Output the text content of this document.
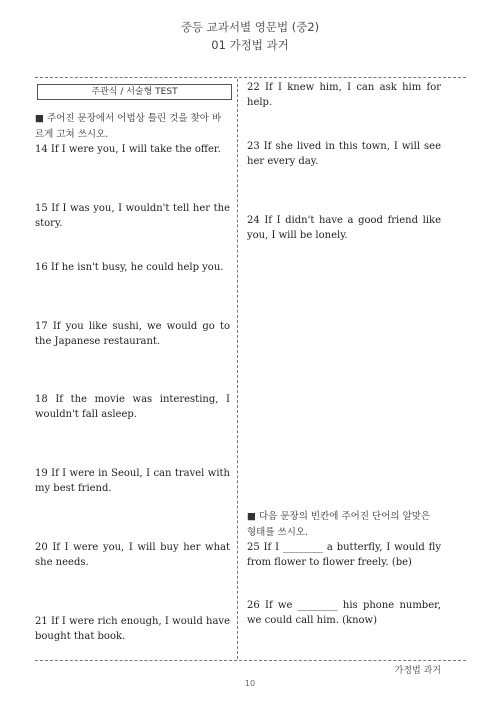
중등 교과서별 영문법 (중2)
01 가정법 과거
주관식 / 서술형 TEST
■ 주어진 문장에서 어법상 틀린 것을 찾아 바르게 고쳐 쓰시오.
14 If I were you, I will take the offer.
15 If I was you, I wouldn't tell her the story.
16 If he isn't busy, he could help you.
17 If you like sushi, we would go to the Japanese restaurant.
18 If the movie was interesting, I wouldn't fall asleep.
19 If I were in Seoul, I can travel with my best friend.
20 If I were you, I will buy her what she needs.
21 If I were rich enough, I would have bought that book.
22 If I knew him, I can ask him for help.
23 If she lived in this town, I will see her every day.
24 If I didn't have a good friend like you, I will be lonely.
■ 다음 문장의 빈칸에 주어진 단어의 알맞은 형태를 쓰시오.
25 If I ________ a butterfly, I would fly from flower to flower freely. (be)
26 If we ________ his phone number, we could call him. (know)
가정법 과거
10
